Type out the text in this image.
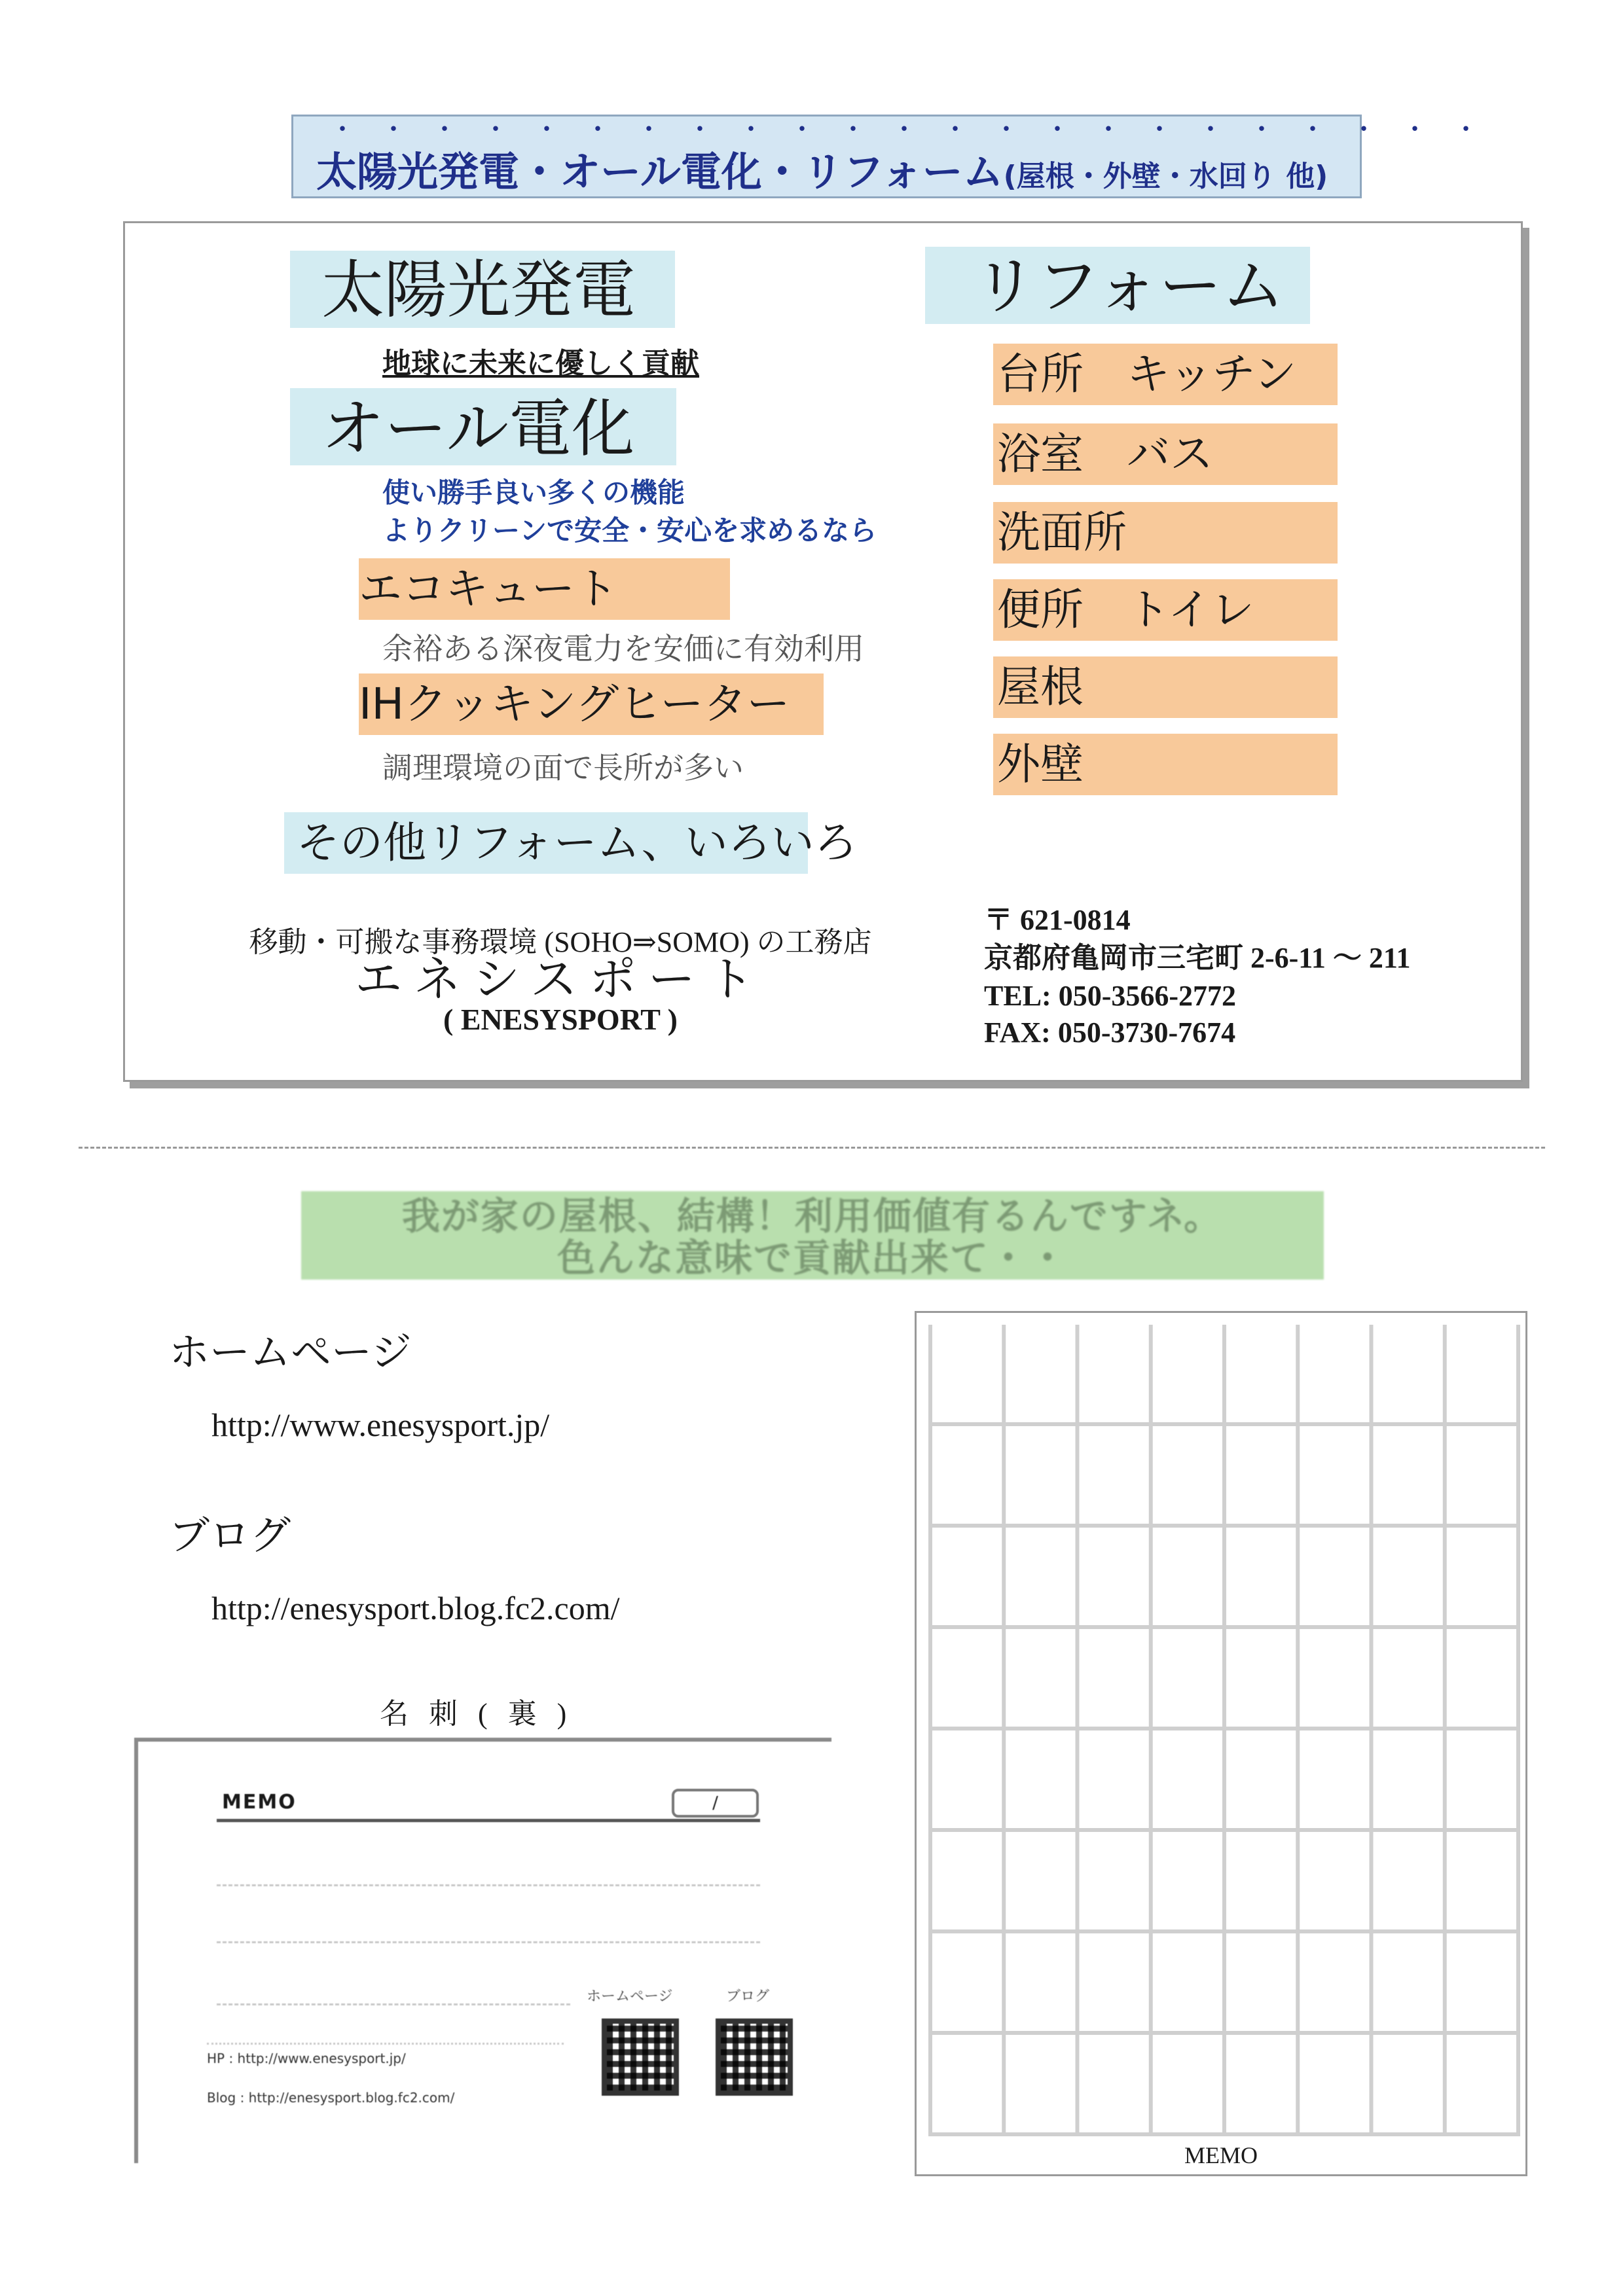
・・・・・・・・・・・・・・・・・・・・・・・
太陽光発電・オール電化・リフォーム(屋根・外壁・水回り 他)
太陽光発電
地球に未来に優しく貢献
オール電化
使い勝手良い多くの機能
よりクリーンで安全・安心を求めるなら
エコキュート
余裕ある深夜電力を安価に有効利用
IHクッキングヒーター
調理環境の面で長所が多い
その他リフォーム、いろいろ
リフォーム
台所　キッチン
浴室　バス
洗面所
便所　トイレ
屋根
外壁
移動・可搬な事務環境 (SOHO⇒SOMO) の工務店
エネシスポート
( ENESYSPORT )
〒 621-0814
京都府亀岡市三宅町 2-6-11 〜 211
TEL: 050-3566-2772
FAX: 050-3730-7674
我が家の屋根、結構！利用価値有るんですネ。
色んな意味で貢献出来て・・
ホームページ
http://www.enesysport.jp/
ブログ
http://enesysport.blog.fc2.com/
名 刺 ( 裏 )
MEMO	/
ホームページ	ブログ
HP : http://www.enesysport.jp/
Blog : http://enesysport.blog.fc2.com/
MEMO
